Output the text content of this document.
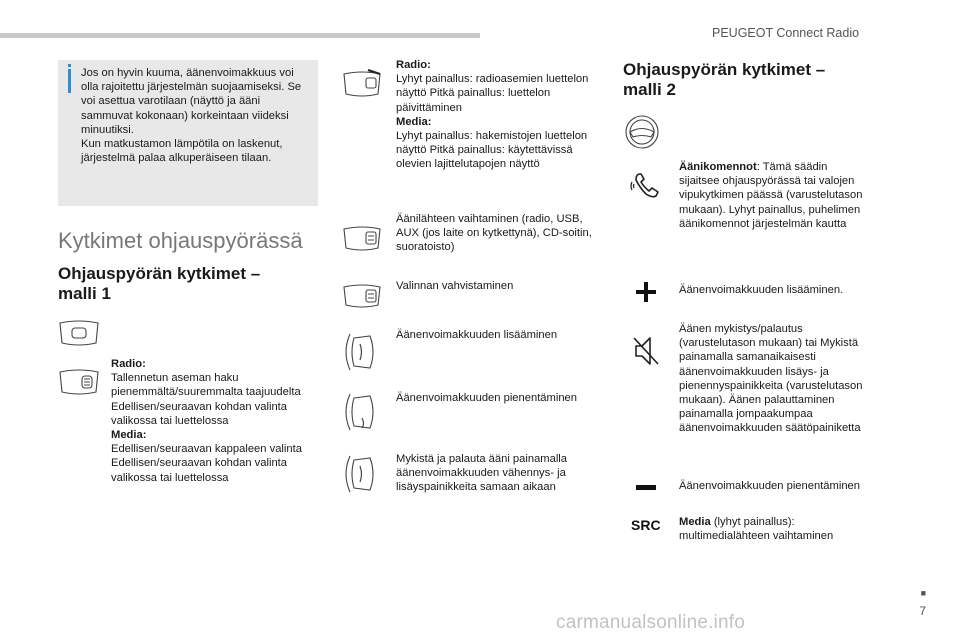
PEUGEOT Connect Radio

Jos on hyvin kuuma, äänenvoimakkuus voi olla rajoitettu järjestelmän suojaamiseksi. Se voi asettua varotilaan (näyttö ja ääni sammuvat kokonaan) korkeintaan viideksi minuutiksi.

Kun matkustamon lämpötila on laskenut, järjestelmä palaa alkuperäiseen tilaan.

Kytkimet ohjauspyörässä
Ohjauspyörän kytkimet –
malli 1
Radio:
Tallennetun aseman haku pienemmältä/suuremmalta taajuudelta Edellisen/seuraavan kohdan valinta valikossa tai luettelossa
Media:
Edellisen/seuraavan kappaleen valinta Edellisen/seuraavan kohdan valinta valikossa tai luettelossa
Radio:
Lyhyt painallus: radioasemien luettelon näyttö Pitkä painallus: luettelon päivittäminen
Media:
Lyhyt painallus: hakemistojen luettelon näyttö Pitkä painallus: käytettävissä olevien lajittelutapojen näyttö
Äänilähteen vaihtaminen (radio, USB, AUX (jos laite on kytkettynä), CD-soitin, suoratoisto)
Valinnan vahvistaminen
Äänenvoimakkuuden lisääminen
Äänenvoimakkuuden pienentäminen
Mykistä ja palauta ääni painamalla äänenvoimakkuuden vähennys- ja lisäyspainikkeita samaan aikaan
Ohjauspyörän kytkimet –
malli 2
Äänikomennot: Tämä säädin sijaitsee ohjauspyörässä tai valojen vipukytkimen päässä (varustelutason mukaan). Lyhyt painallus, puhelimen äänikomennot järjestelmän kautta
Äänenvoimakkuuden lisääminen.
Äänen mykistys/palautus (varustelutason mukaan) tai Mykistä painamalla samanaikaisesti äänenvoimakkuuden lisäys- ja pienennyspainikkeita (varustelutason mukaan). Äänen palauttaminen painamalla jompaakumpaa äänenvoimakkuuden säätöpainiketta
Äänenvoimakkuuden pienentäminen
SRC Media (lyhyt painallus): multimedialähteen vaihtaminen
■
7
carmanualsonline.info
